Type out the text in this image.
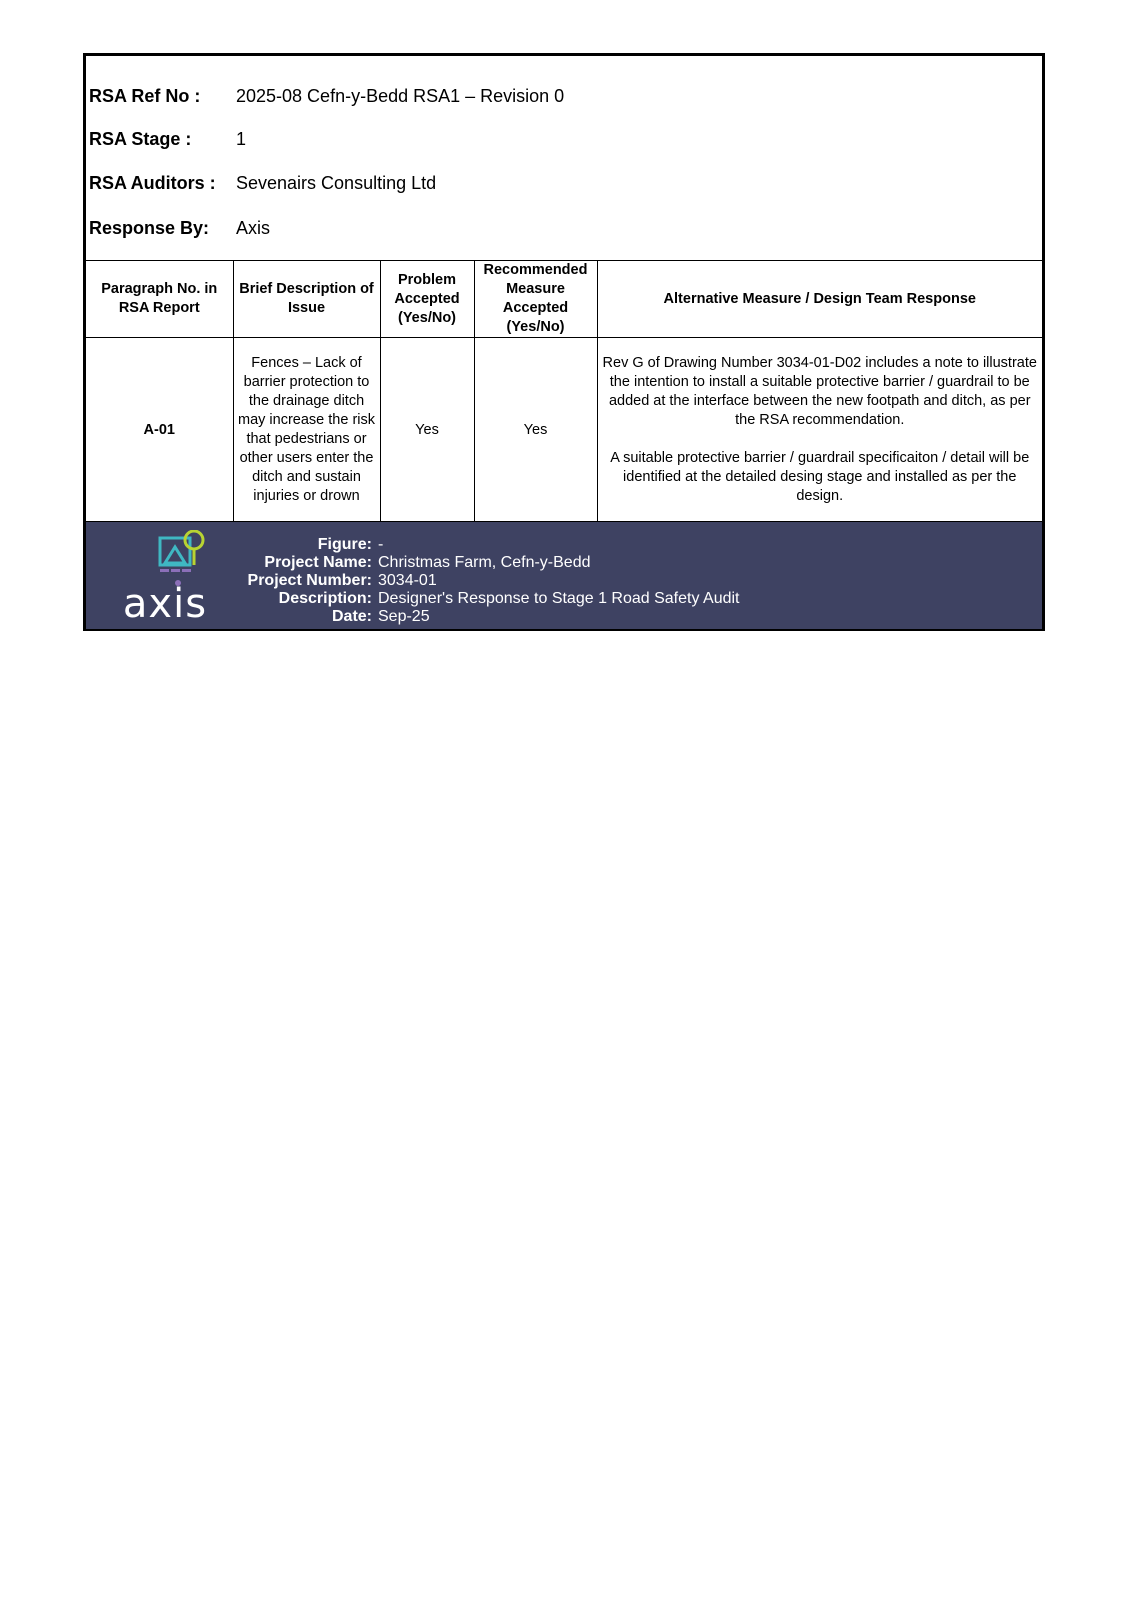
RSA Ref No :	2025-08 Cefn-y-Bedd RSA1 – Revision 0
RSA Stage :	1
RSA Auditors :	Sevenairs Consulting Ltd
Response By:	Axis
Paragraph No. in RSA Report	Brief Description of Issue	Problem Accepted (Yes/No)	Recommended Measure Accepted (Yes/No)	Alternative Measure / Design Team Response
A-01	Fences – Lack of barrier protection to the drainage ditch may increase the risk that pedestrians or other users enter the ditch and sustain injuries or drown	Yes	Yes	Rev G of Drawing Number 3034-01-D02 includes a note to illustrate the intention to install a suitable protective barrier / guardrail to be added at the interface between the new footpath and ditch, as per the RSA recommendation.

A suitable protective barrier / guardrail specificaiton / detail will be identified at the detailed desing stage and installed as per the design.

axis
Figure: -
Project Name: Christmas Farm, Cefn-y-Bedd
Project Number: 3034-01
Description: Designer's Response to Stage 1 Road Safety Audit
Date: Sep-25
